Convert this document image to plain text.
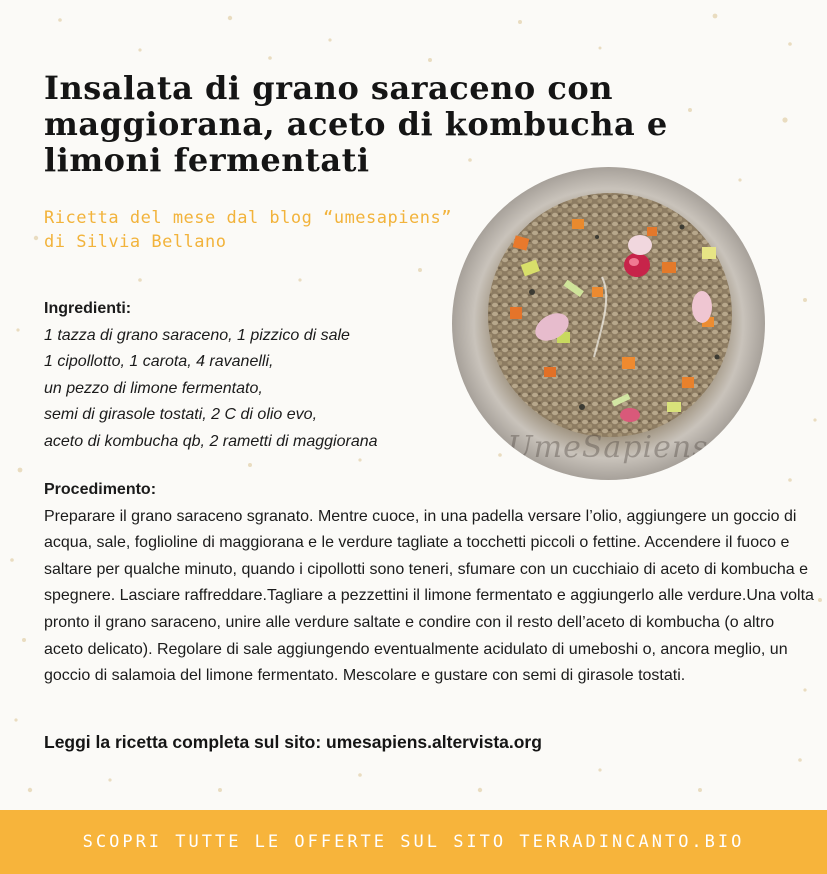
Insalata di grano saraceno con maggiorana, aceto di kombucha e limoni fermentati

Ricetta del mese dal blog “umesapiens” di Silvia Bellano

UmeSapiens
Ingredienti:
1 tazza di grano saraceno, 1 pizzico di sale
1 cipollotto, 1 carota, 4 ravanelli,
un pezzo di limone fermentato,
semi di girasole tostati, 2 C di olio evo,
aceto di kombucha qb, 2 rametti di maggiorana
Procedimento:
Preparare il grano saraceno sgranato. Mentre cuoce, in una padella versare l’olio, aggiungere un goccio di acqua, sale, foglioline di maggiorana e le verdure tagliate a tocchetti piccoli o fettine. Accendere il fuoco e saltare per qualche minuto, quando i cipollotti sono teneri, sfumare con un cucchiaio di aceto di kombucha e spegnere. Lasciare raffreddare.Tagliare a pezzettini il limone fermentato e aggiungerlo alle verdure.Una volta pronto il grano saraceno, unire alle verdure saltate e condire con il resto dell’aceto di kombucha (o altro aceto delicato). Regolare di sale aggiungendo eventualmente acidulato di umeboshi o, ancora meglio, un goccio di salamoia del limone fermentato. Mescolare e gustare con semi di girasole tostati.
Leggi la ricetta completa sul sito: umesapiens.altervista.org
SCOPRI TUTTE LE OFFERTE SUL SITO TERRADINCANTO.BIO
